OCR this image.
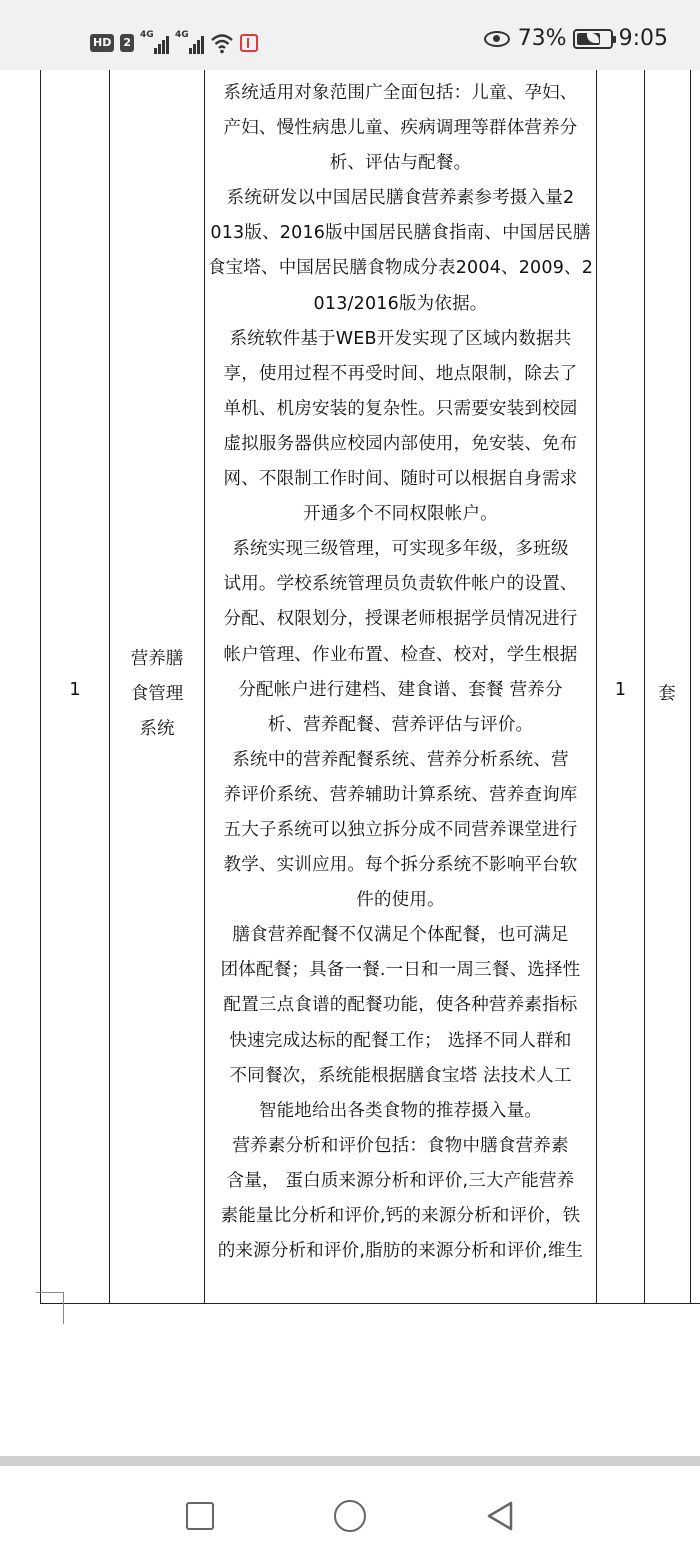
HD 2
4G 4G	73% 9:05
1
营养膳
食管理
系统

系统适用对象范围广全面包括：儿童、孕妇、

产妇、慢性病患儿童、疾病调理等群体营养分

析、评估与配餐。

系统研发以中国居民膳食营养素参考摄入量2

013版、2016版中国居民膳食指南、中国居民膳

食宝塔、中国居民膳食物成分表2004、2009、2

013/2016版为依据。

系统软件基于WEB开发实现了区域内数据共

享，使用过程不再受时间、地点限制，除去了

单机、机房安装的复杂性。只需要安装到校园

虚拟服务器供应校园内部使用，免安装、免布

网、不限制工作时间、随时可以根据自身需求

开通多个不同权限帐户。

系统实现三级管理，可实现多年级，多班级

试用。学校系统管理员负责软件帐户的设置、

分配、权限划分，授课老师根据学员情况进行

帐户管理、作业布置、检查、校对，学生根据

分配帐户进行建档、建食谱、套餐 营养分

析、营养配餐、营养评估与评价。

系统中的营养配餐系统、营养分析系统、营

养评价系统、营养辅助计算系统、营养查询库

五大子系统可以独立拆分成不同营养课堂进行

教学、实训应用。每个拆分系统不影响平台软

件的使用。

膳食营养配餐不仅满足个体配餐，也可满足

团体配餐；具备一餐.一日和一周三餐、选择性

配置三点食谱的配餐功能，使各种营养素指标

快速完成达标的配餐工作； 选择不同人群和

不同餐次，系统能根据膳食宝塔 法技术人工

智能地给出各类食物的推荐摄入量。

营养素分析和评价包括：食物中膳食营养素

含量， 蛋白质来源分析和评价,三大产能营养

素能量比分析和评价,钙的来源分析和评价，铁

的来源分析和评价,脂肪的来源分析和评价,维生

1	套
